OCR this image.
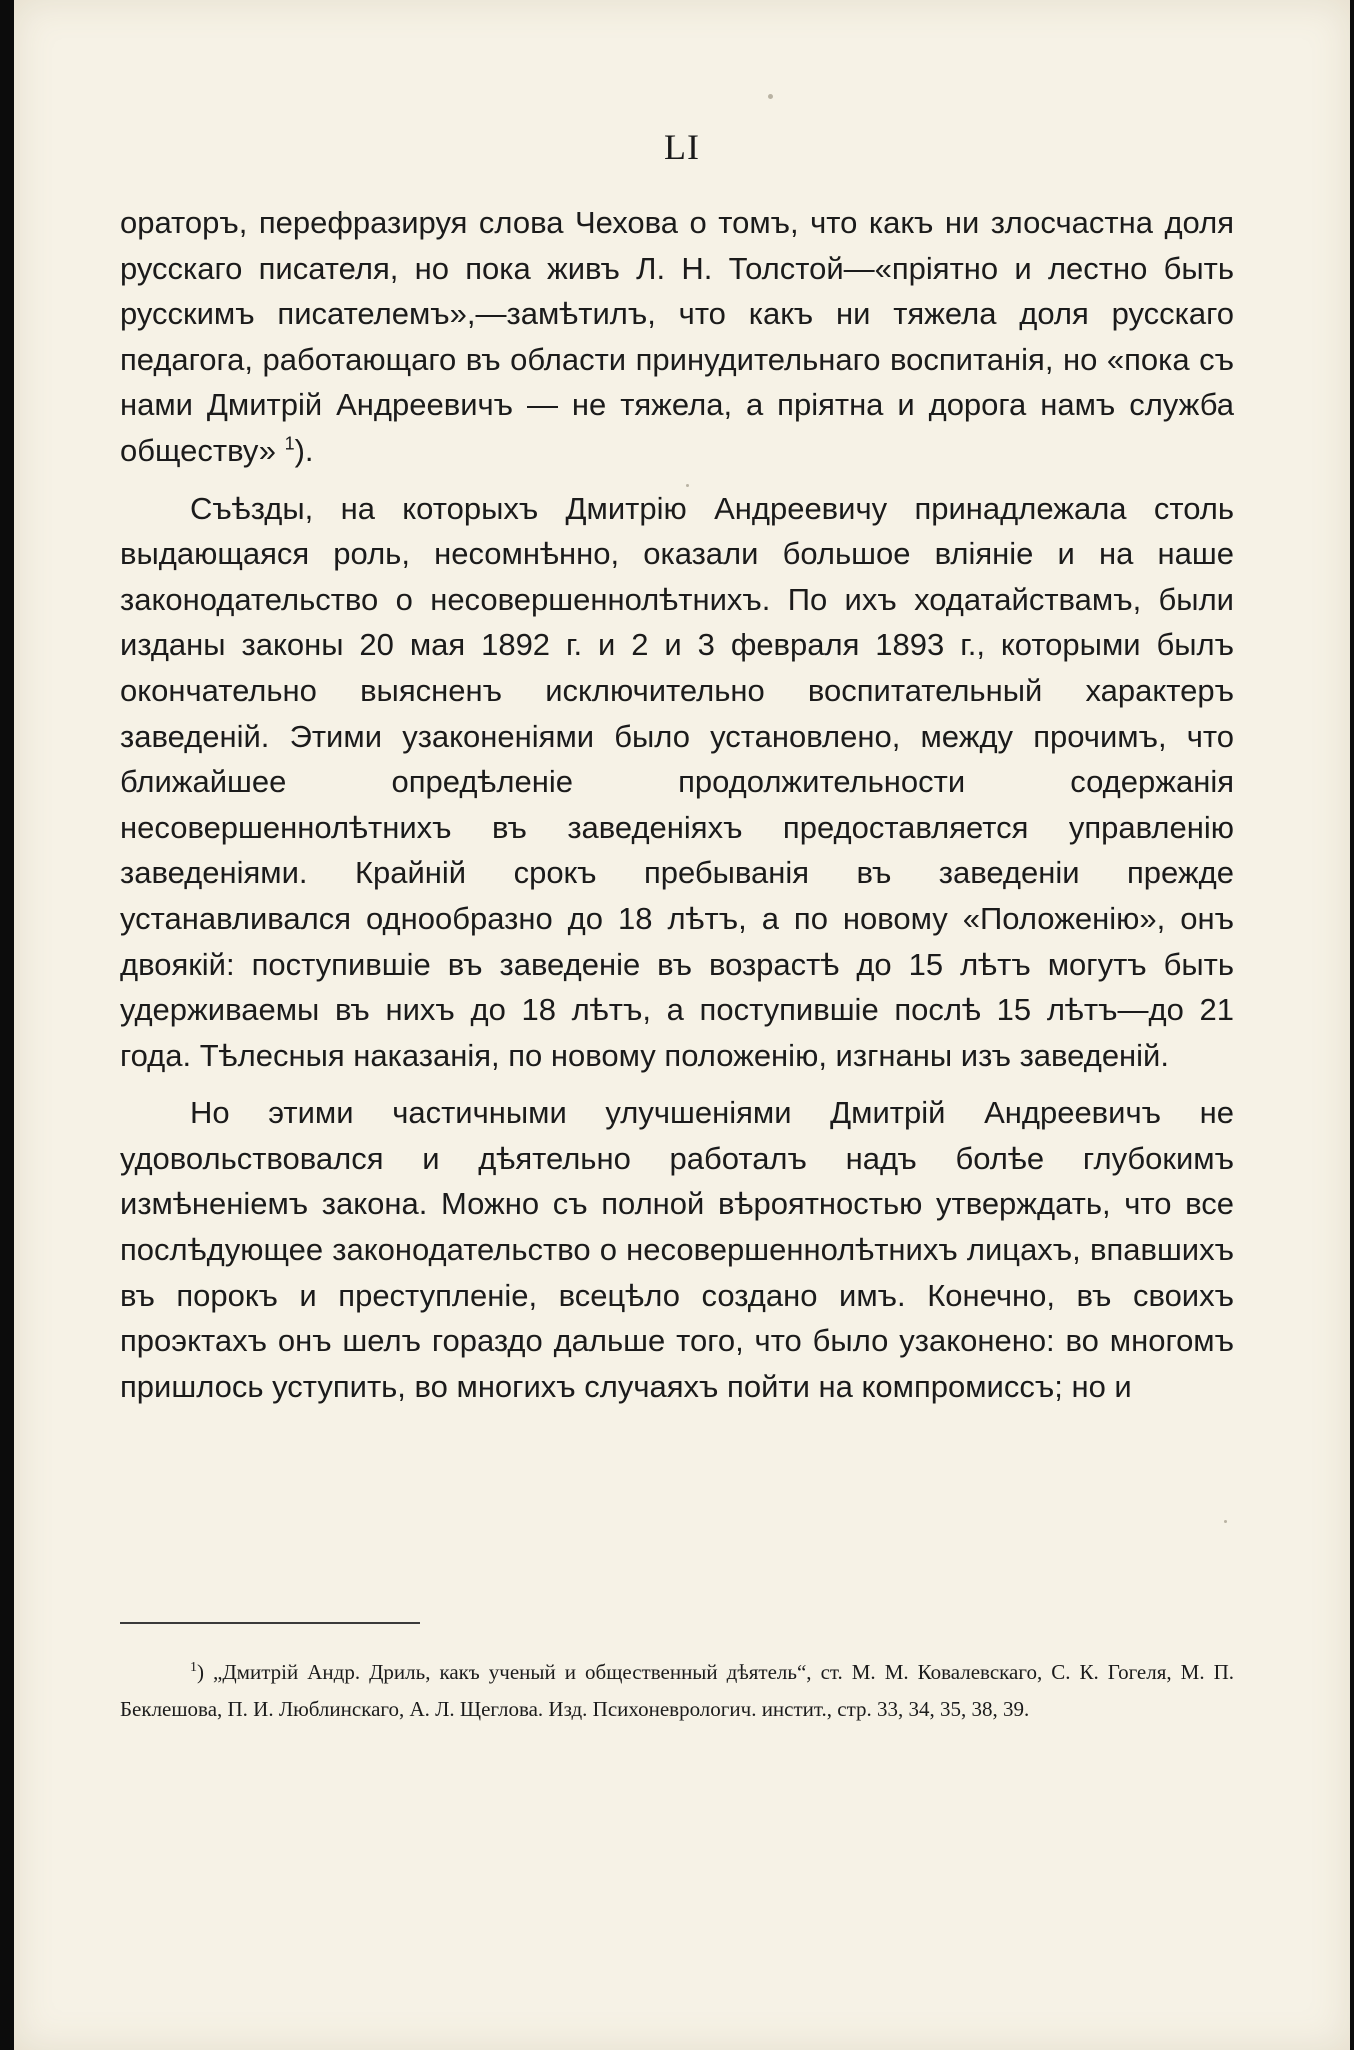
LI

ораторъ, перефразируя слова Чехова о томъ, что какъ ни злосчастна доля русскаго писателя, но пока живъ Л. Н. Толстой—«пріятно и лестно быть русскимъ писателемъ»,—замѣтилъ, что какъ ни тяжела доля русскаго педагога, работающаго въ области принудительнаго воспитанія, но «пока съ нами Дмитрій Андреевичъ — не тяжела, а пріятна и дорога намъ служба обществу» $^1$).

Съѣзды, на которыхъ Дмитрію Андреевичу принадлежала столь выдающаяся роль, несомнѣнно, оказали большое вліяніе и на наше законодательство о несовершеннолѣтнихъ. По ихъ ходатайствамъ, были изданы законы 20 мая 1892 г. и 2 и 3 февраля 1893 г., которыми былъ окончательно выясненъ исключительно воспитательный характеръ заведеній. Этими узаконеніями было установлено, между прочимъ, что ближайшее опредѣленіе продолжительности содержанія несовершеннолѣтнихъ въ заведеніяхъ предоставляется управленію заведеніями. Крайній срокъ пребыванія въ заведеніи прежде устанавливался однообразно до 18 лѣтъ, а по новому «Положенію», онъ двоякій: поступившіе въ заведеніе въ возрастѣ до 15 лѣтъ могутъ быть удерживаемы въ нихъ до 18 лѣтъ, а поступившіе послѣ 15 лѣтъ—до 21 года. Тѣлесныя наказанія, по новому положенію, изгнаны изъ заведеній.

Но этими частичными улучшеніями Дмитрій Андреевичъ не удовольствовался и дѣятельно работалъ надъ болѣе глубокимъ измѣненіемъ закона. Можно съ полной вѣроятностью утверждать, что все послѣдующее законодательство о несовершеннолѣтнихъ лицахъ, впавшихъ въ порокъ и преступленіе, всецѣло создано имъ. Конечно, въ своихъ проэктахъ онъ шелъ гораздо дальше того, что было узаконено: во многомъ пришлось уступить, во многихъ случаяхъ пойти на компромиссъ; но и

$^1$) „Дмитрій Андр. Дриль, какъ ученый и общественный дѣятель“, ст. М. М. Ковалевскаго, С. К. Гогеля, М. П. Беклешова, П. И. Люблинскаго, А. Л. Щеглова. Изд. Психоневрологич. инстит., стр. 33, 34, 35, 38, 39.
